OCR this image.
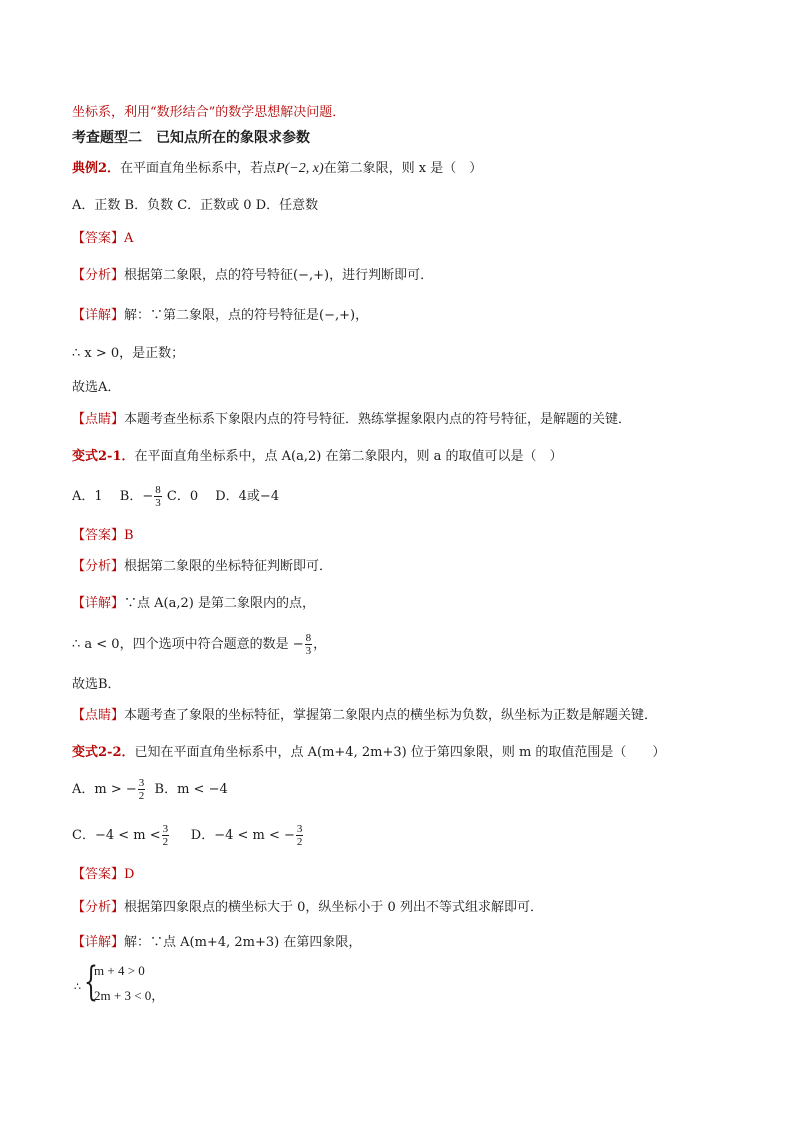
坐标系，利用“数形结合”的数学思想解决问题．
考查题型二　已知点所在的象限求参数
典例2．在平面直角坐标系中，若点P(−2, x)在第二象限，则 x 是（　）
A．正数 B．负数 C．正数或 0 D．任意数
【答案】A
【分析】根据第二象限，点的符号特征(−,+)，进行判断即可．
【详解】解：∵第二象限，点的符号特征是(−,+)，
∴ x > 0，是正数；
故选A．
【点睛】本题考查坐标系下象限内点的符号特征．熟练掌握象限内点的符号特征，是解题的关键．
变式2-1．在平面直角坐标系中，点 A(a,2) 在第二象限内，则 a 的取值可以是（　）
A．1　 B．− $\frac{8}{3}$ C．0　 D．4或−4
【答案】B
【分析】根据第二象限的坐标特征判断即可．
【详解】∵点 A(a,2) 是第二象限内的点，
∴ a < 0，四个选项中符合题意的数是 − $\frac{8}{3}$ ，
故选B．
【点睛】本题考查了象限的坐标特征，掌握第二象限内点的横坐标为负数，纵坐标为正数是解题关键．
变式2-2．已知在平面直角坐标系中，点 A(m+4, 2m+3) 位于第四象限，则 m 的取值范围是（　　）
A．m > − $\frac{3}{2}$ B．m < −4
C．$-4 < m < \frac{3}{2}$ D．−4 < m < − $\frac{3}{2}$
【答案】D
【分析】根据第四象限点的横坐标大于 0，纵坐标小于 0 列出不等式组求解即可．
【详解】解：∵点 A(m+4, 2m+3) 在第四象限，
∴ {
m + 4 > 0
2m + 3 < 0，
